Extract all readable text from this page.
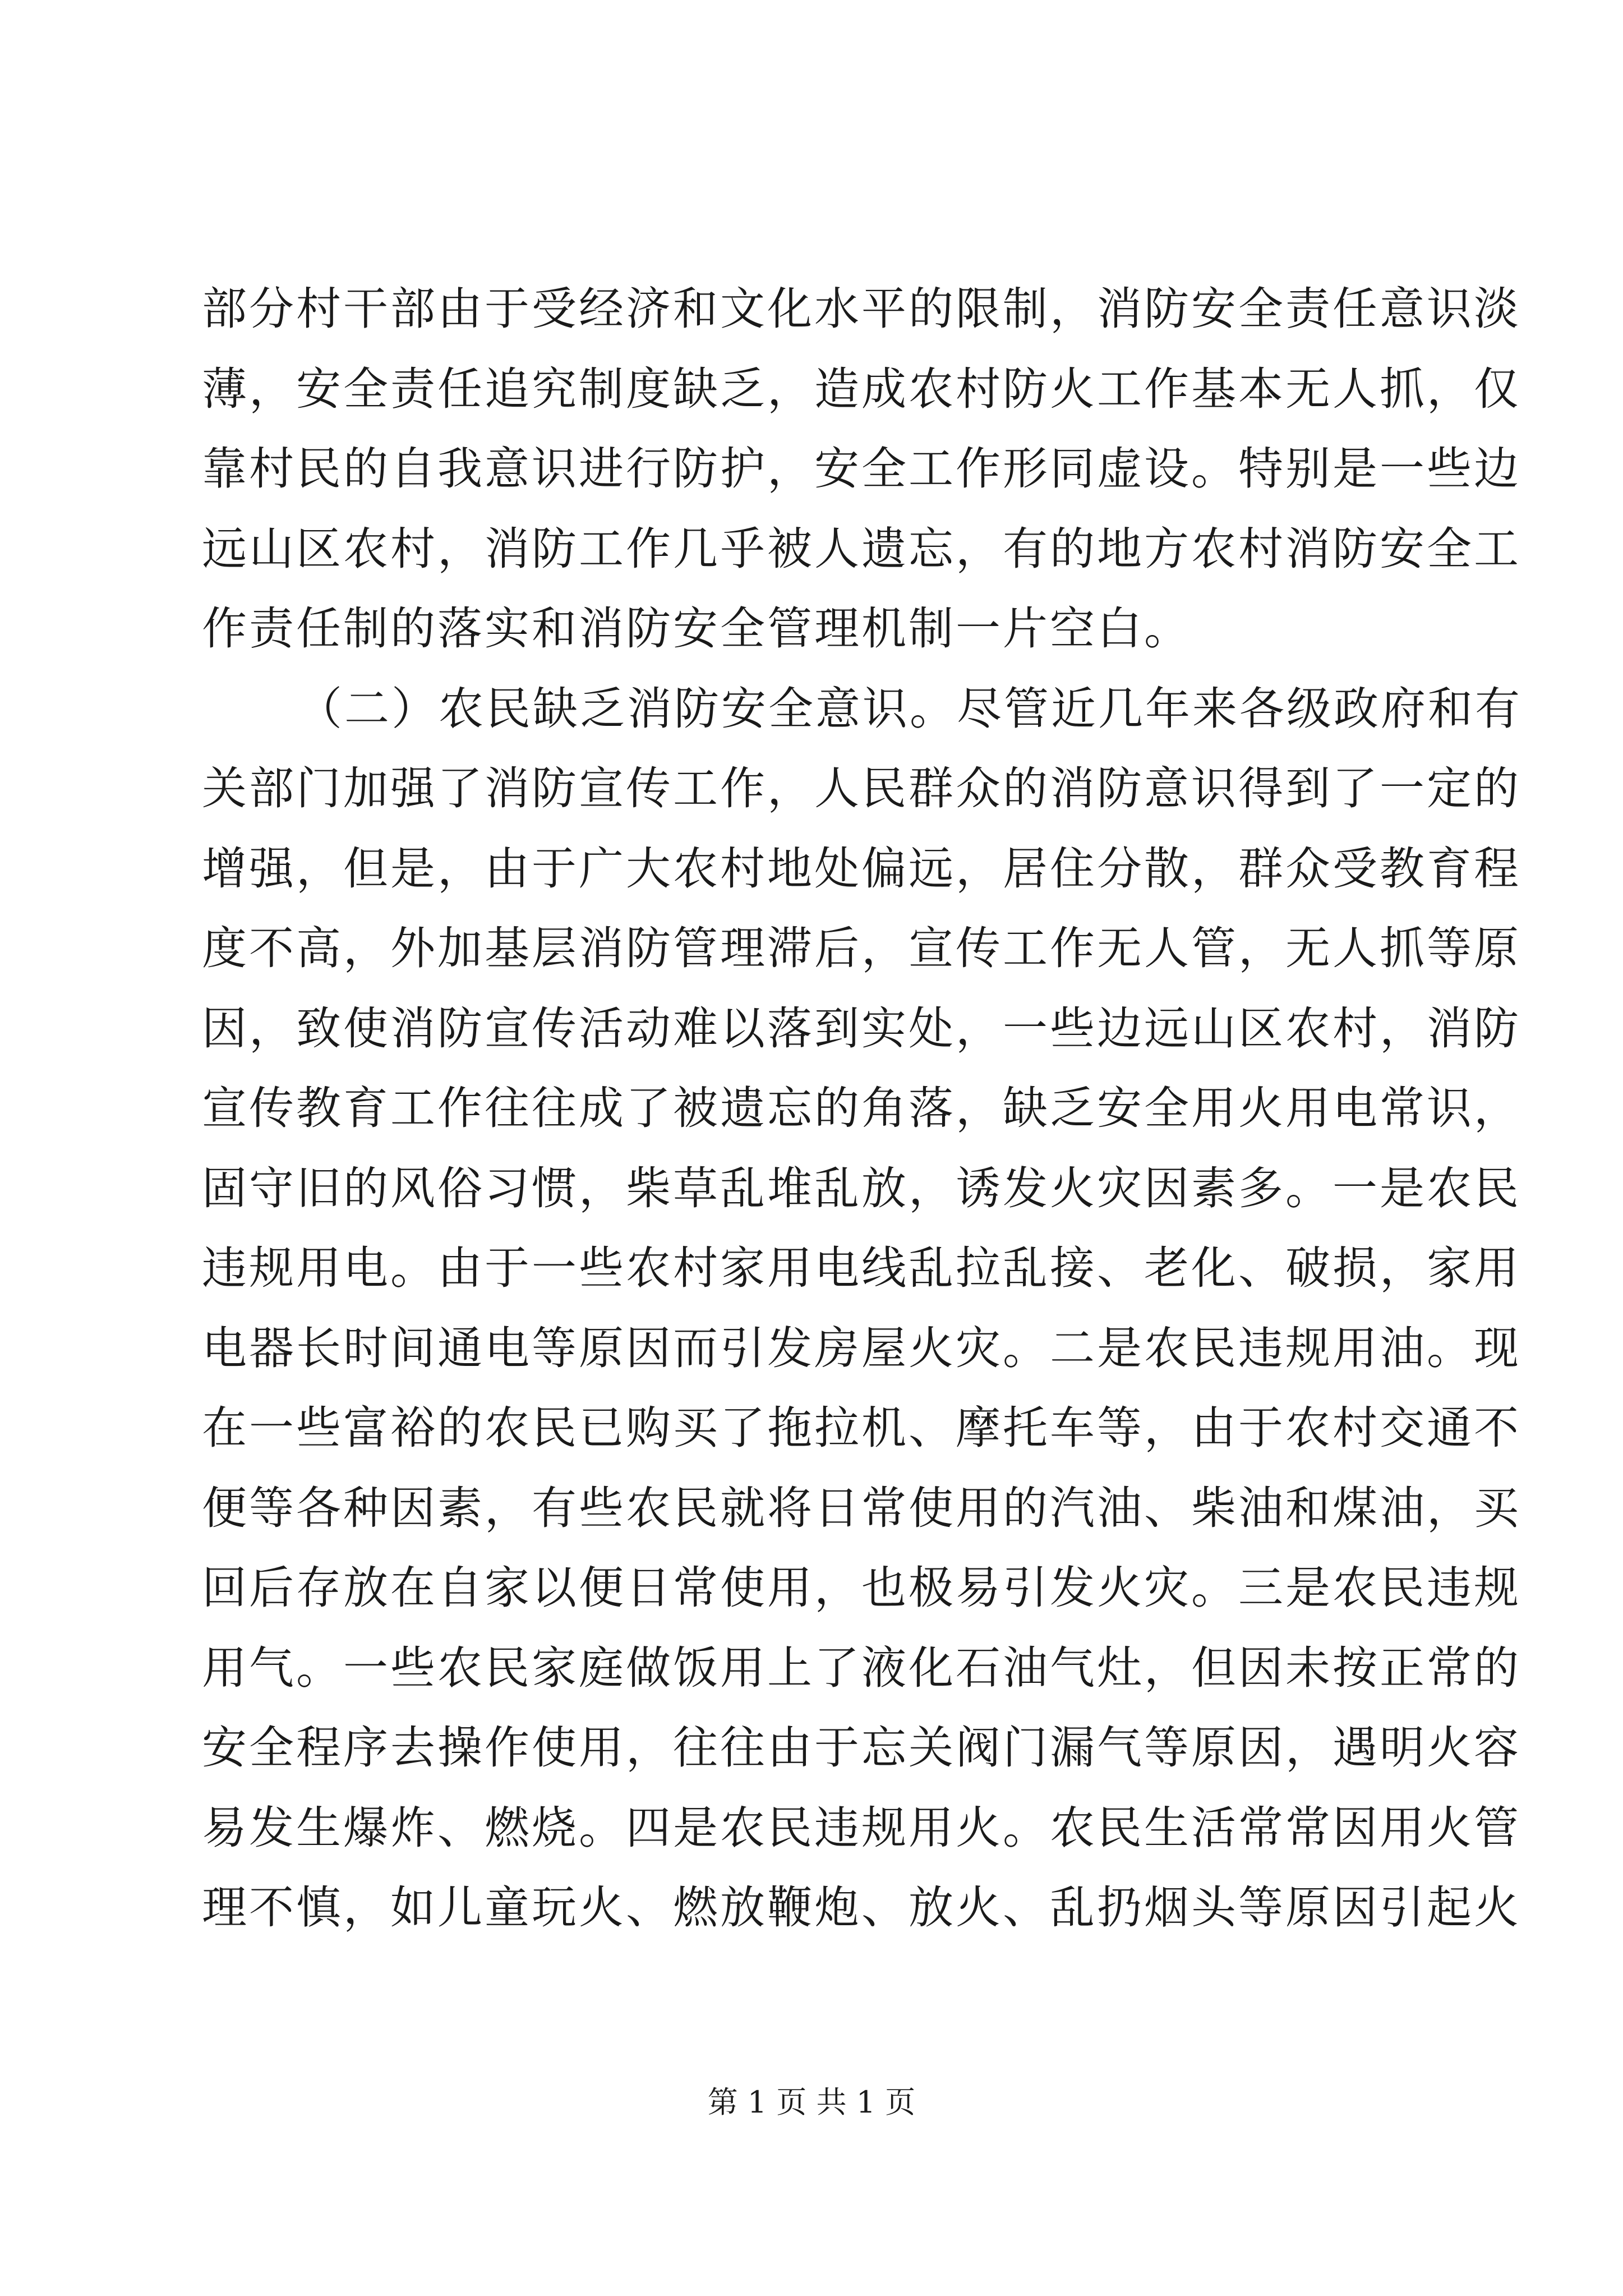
部分村干部由于受经济和文化水平的限制，消防安全责任意识淡
薄，安全责任追究制度缺乏，造成农村防火工作基本无人抓，仅
靠村民的自我意识进行防护，安全工作形同虚设。特别是一些边
远山区农村，消防工作几乎被人遗忘，有的地方农村消防安全工
作责任制的落实和消防安全管理机制一片空白。
（二）农民缺乏消防安全意识。尽管近几年来各级政府和有
关部门加强了消防宣传工作，人民群众的消防意识得到了一定的
增强，但是，由于广大农村地处偏远，居住分散，群众受教育程
度不高，外加基层消防管理滞后，宣传工作无人管，无人抓等原
因，致使消防宣传活动难以落到实处，一些边远山区农村，消防
宣传教育工作往往成了被遗忘的角落，缺乏安全用火用电常识，
固守旧的风俗习惯，柴草乱堆乱放，诱发火灾因素多。一是农民
违规用电。由于一些农村家用电线乱拉乱接、老化、破损，家用
电器长时间通电等原因而引发房屋火灾。二是农民违规用油。现
在一些富裕的农民已购买了拖拉机、摩托车等，由于农村交通不
便等各种因素，有些农民就将日常使用的汽油、柴油和煤油，买
回后存放在自家以便日常使用，也极易引发火灾。三是农民违规
用气。一些农民家庭做饭用上了液化石油气灶，但因未按正常的
安全程序去操作使用，往往由于忘关阀门漏气等原因，遇明火容
易发生爆炸、燃烧。四是农民违规用火。农民生活常常因用火管
理不慎，如儿童玩火、燃放鞭炮、放火、乱扔烟头等原因引起火
第 1 页 共 1 页
